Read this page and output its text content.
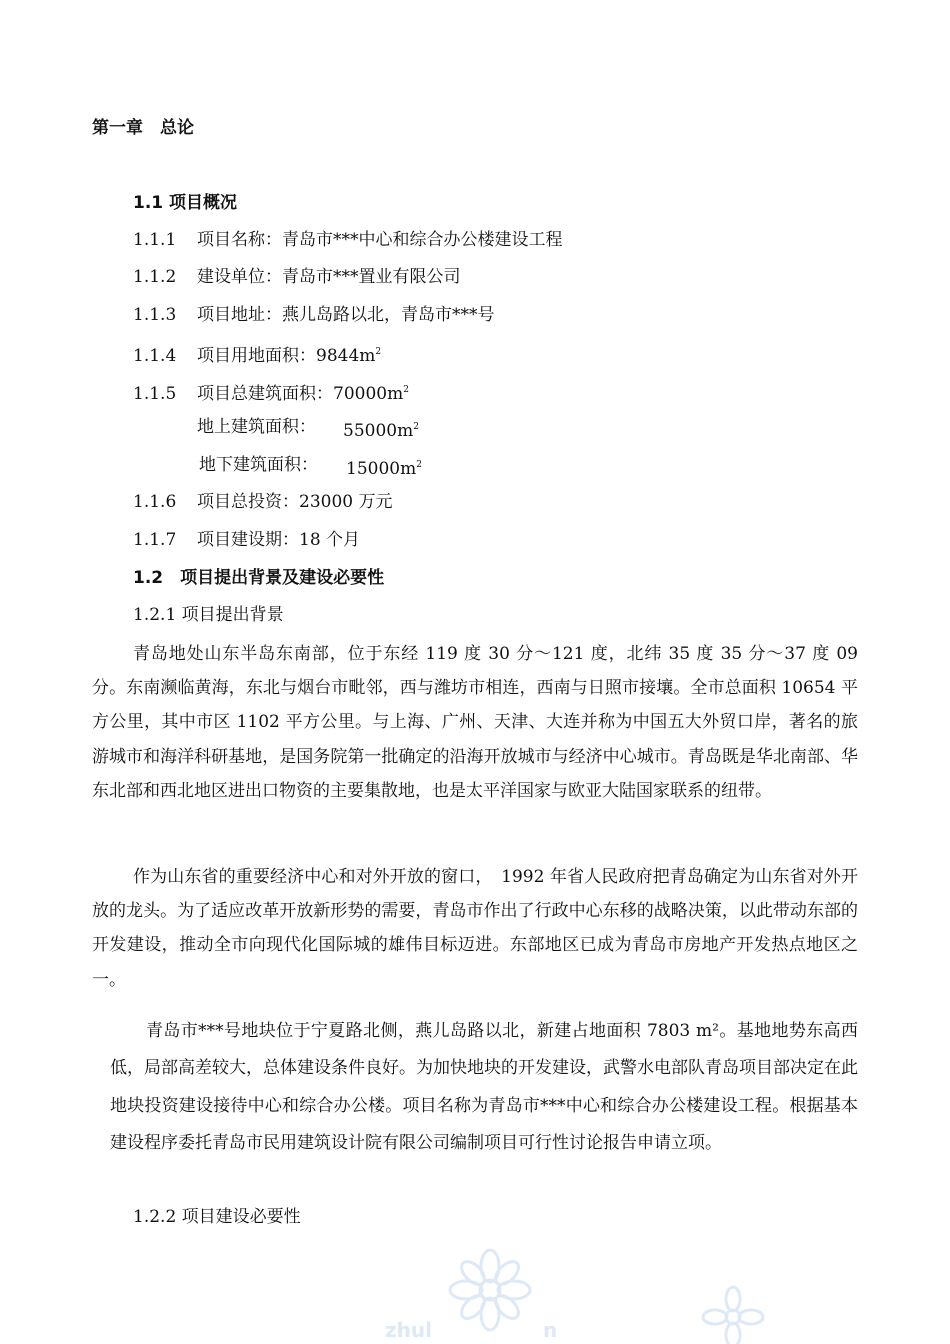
第一章　总论
1.1 项目概况
1.1.1 项目名称：青岛市***中心和综合办公楼建设工程
1.1.2 建设单位：青岛市***置业有限公司
1.1.3 项目地址：燕儿岛路以北，青岛市***号
1.1.4 项目用地面积：$9844m^2$
1.1.5 项目总建筑面积：$70000m^2$
地上建筑面积： $55000m^2$
地下建筑面积： $15000m^2$
1.1.6 项目总投资：23000 万元
1.1.7 项目建设期：18 个月
1.2　项目提出背景及建设必要性
1.2.1 项目提出背景
青岛地处山东半岛东南部，位于东经 119 度 30 分～121 度，北纬 35 度 35 分～37 度 09 分。东南濒临黄海，东北与烟台市毗邻，西与潍坊市相连，西南与日照市接壤。全市总面积 10654 平方公里，其中市区 1102 平方公里。与上海、广州、天津、大连并称为中国五大外贸口岸，著名的旅游城市和海洋科研基地，是国务院第一批确定的沿海开放城市与经济中心城市。青岛既是华北南部、华东北部和西北地区进出口物资的主要集散地，也是太平洋国家与欧亚大陆国家联系的纽带。
作为山东省的重要经济中心和对外开放的窗口，　1992 年省人民政府把青岛确定为山东省对外开放的龙头。为了适应改革开放新形势的需要，青岛市作出了行政中心东移的战略决策，以此带动东部的开发建设，推动全市向现代化国际城的雄伟目标迈进。东部地区已成为青岛市房地产开发热点地区之一。
青岛市***号地块位于宁夏路北侧，燕儿岛路以北，新建占地面积 7803 m²。基地地势东高西低，局部高差较大，总体建设条件良好。为加快地块的开发建设，武警水电部队青岛项目部决定在此地块投资建设接待中心和综合办公楼。项目名称为青岛市***中心和综合办公楼建设工程。根据基本建设程序委托青岛市民用建筑设计院有限公司编制项目可行性讨论报告申请立项。
1.2.2 项目建设必要性
zhul	n
